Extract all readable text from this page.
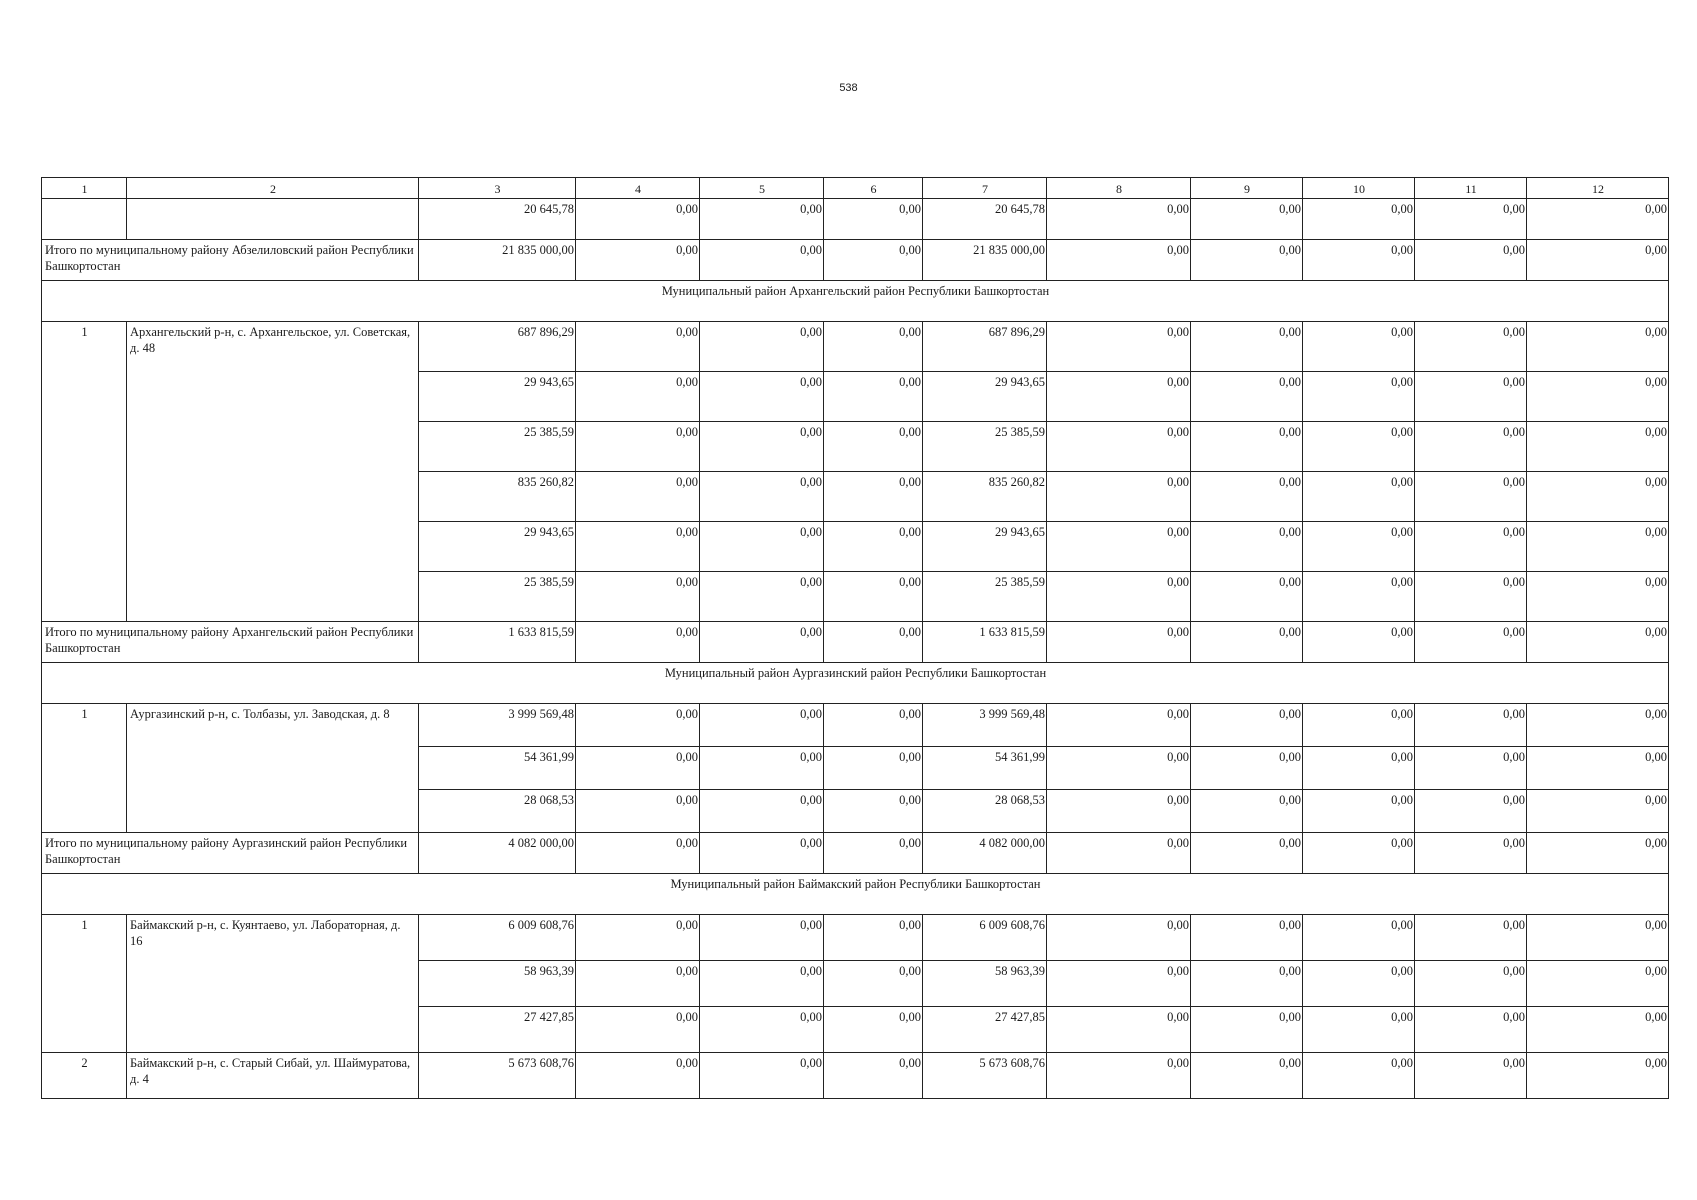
538
1	2	3	4	5	6	7	8	9	10	11	12
		20 645,78	0,00	0,00	0,00	20 645,78	0,00	0,00	0,00	0,00	0,00
Итого по муниципальному району Абзелиловский район Республики Башкортостан		21 835 000,00	0,00	0,00	0,00	21 835 000,00	0,00	0,00	0,00	0,00	0,00
Муниципальный район Архангельский район Республики Башкортостан											
1	Архангельский р-н, с. Архангельское, ул. Советская, д. 48	687 896,29	0,00	0,00	0,00	687 896,29	0,00	0,00	0,00	0,00	0,00
		29 943,65	0,00	0,00	0,00	29 943,65	0,00	0,00	0,00	0,00	0,00
		25 385,59	0,00	0,00	0,00	25 385,59	0,00	0,00	0,00	0,00	0,00
		835 260,82	0,00	0,00	0,00	835 260,82	0,00	0,00	0,00	0,00	0,00
		29 943,65	0,00	0,00	0,00	29 943,65	0,00	0,00	0,00	0,00	0,00
		25 385,59	0,00	0,00	0,00	25 385,59	0,00	0,00	0,00	0,00	0,00
Итого по муниципальному району Архангельский район Республики Башкортостан		1 633 815,59	0,00	0,00	0,00	1 633 815,59	0,00	0,00	0,00	0,00	0,00
Муниципальный район Аургазинский район Республики Башкортостан											
1	Аургазинский р-н, с. Толбазы, ул. Заводская, д. 8	3 999 569,48	0,00	0,00	0,00	3 999 569,48	0,00	0,00	0,00	0,00	0,00
		54 361,99	0,00	0,00	0,00	54 361,99	0,00	0,00	0,00	0,00	0,00
		28 068,53	0,00	0,00	0,00	28 068,53	0,00	0,00	0,00	0,00	0,00
Итого по муниципальному району Аургазинский район Республики Башкортостан		4 082 000,00	0,00	0,00	0,00	4 082 000,00	0,00	0,00	0,00	0,00	0,00
Муниципальный район Баймакский район Республики Башкортостан											
1	Баймакский р-н, с. Куянтаево, ул. Лабораторная, д. 16	6 009 608,76	0,00	0,00	0,00	6 009 608,76	0,00	0,00	0,00	0,00	0,00
		58 963,39	0,00	0,00	0,00	58 963,39	0,00	0,00	0,00	0,00	0,00
		27 427,85	0,00	0,00	0,00	27 427,85	0,00	0,00	0,00	0,00	0,00
2	Баймакский р-н, с. Старый Сибай, ул. Шаймуратова, д. 4	5 673 608,76	0,00	0,00	0,00	5 673 608,76	0,00	0,00	0,00	0,00	0,00
